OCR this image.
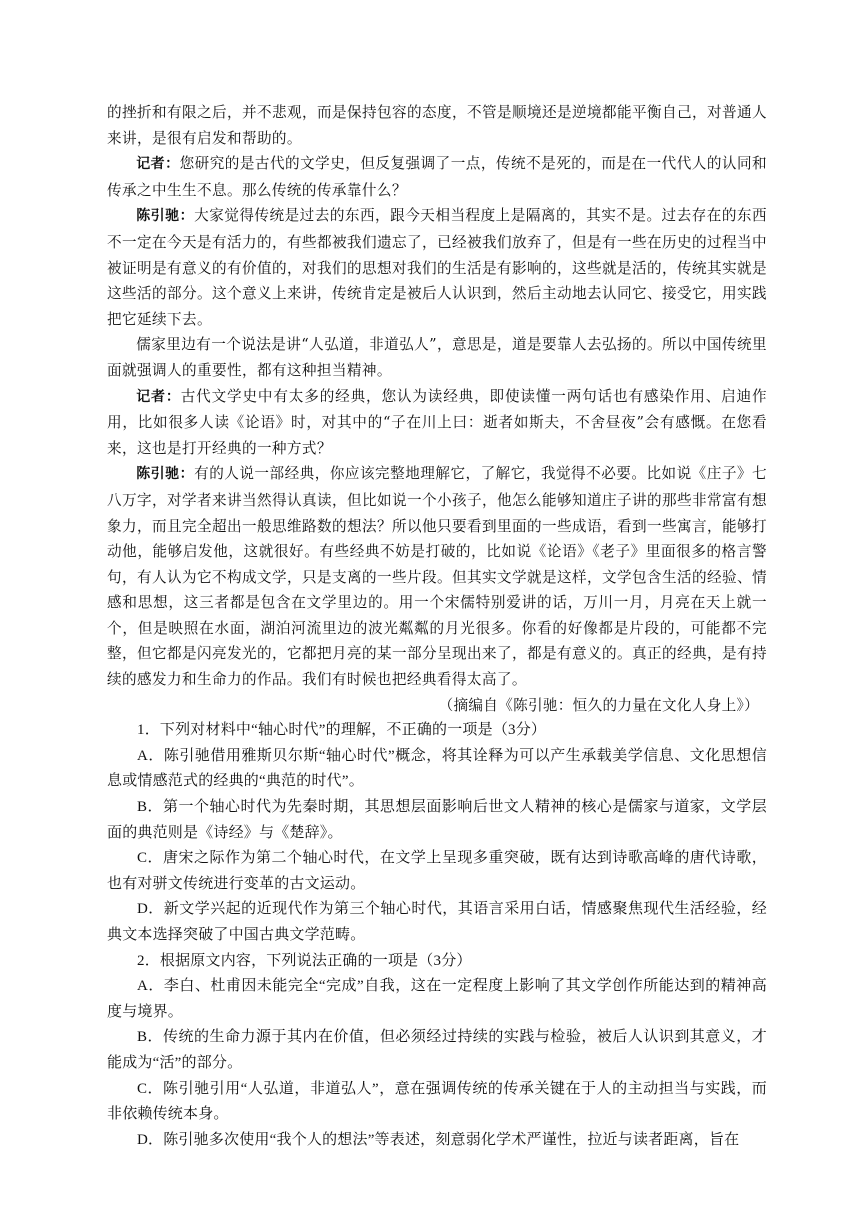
的挫折和有限之后，并不悲观，而是保持包容的态度，不管是顺境还是逆境都能平衡自己，对普通人来讲，是很有启发和帮助的。

记者：您研究的是古代的文学史，但反复强调了一点，传统不是死的，而是在一代代人的认同和传承之中生生不息。那么传统的传承靠什么？

陈引驰：大家觉得传统是过去的东西，跟今天相当程度上是隔离的，其实不是。过去存在的东西不一定在今天是有活力的，有些都被我们遗忘了，已经被我们放弃了，但是有一些在历史的过程当中被证明是有意义的有价值的，对我们的思想对我们的生活是有影响的，这些就是活的，传统其实就是这些活的部分。这个意义上来讲，传统肯定是被后人认识到，然后主动地去认同它、接受它，用实践把它延续下去。

儒家里边有一个说法是讲“人弘道，非道弘人”，意思是，道是要靠人去弘扬的。所以中国传统里面就强调人的重要性，都有这种担当精神。

记者：古代文学史中有太多的经典，您认为读经典，即使读懂一两句话也有感染作用、启迪作用，比如很多人读《论语》时，对其中的“子在川上曰：逝者如斯夫，不舍昼夜”会有感慨。在您看来，这也是打开经典的一种方式？

陈引驰：有的人说一部经典，你应该完整地理解它，了解它，我觉得不必要。比如说《庄子》七八万字，对学者来讲当然得认真读，但比如说一个小孩子，他怎么能够知道庄子讲的那些非常富有想象力，而且完全超出一般思维路数的想法？所以他只要看到里面的一些成语，看到一些寓言，能够打动他，能够启发他，这就很好。有些经典不妨是打破的，比如说《论语》《老子》里面很多的格言警句，有人认为它不构成文学，只是支离的一些片段。但其实文学就是这样，文学包含生活的经验、情感和思想，这三者都是包含在文学里边的。用一个宋儒特别爱讲的话，万川一月，月亮在天上就一个，但是映照在水面，湖泊河流里边的波光粼粼的月光很多。你看的好像都是片段的，可能都不完整，但它都是闪亮发光的，它都把月亮的某一部分呈现出来了，都是有意义的。真正的经典，是有持续的感发力和生命力的作品。我们有时候也把经典看得太高了。

（摘编自《陈引驰：恒久的力量在文化人身上》）

1．下列对材料中“轴心时代”的理解，不正确的一项是（3分）

A．陈引驰借用雅斯贝尔斯“轴心时代”概念，将其诠释为可以产生承载美学信息、文化思想信息或情感范式的经典的“典范的时代”。

B．第一个轴心时代为先秦时期，其思想层面影响后世文人精神的核心是儒家与道家，文学层面的典范则是《诗经》与《楚辞》。

C．唐宋之际作为第二个轴心时代，在文学上呈现多重突破，既有达到诗歌高峰的唐代诗歌，也有对骈文传统进行变革的古文运动。

D．新文学兴起的近现代作为第三个轴心时代，其语言采用白话，情感聚焦现代生活经验，经典文本选择突破了中国古典文学范畴。

2．根据原文内容，下列说法正确的一项是（3分）

A．李白、杜甫因未能完全“完成”自我，这在一定程度上影响了其文学创作所能达到的精神高度与境界。

B．传统的生命力源于其内在价值，但必须经过持续的实践与检验，被后人认识到其意义，才能成为“活”的部分。

C．陈引驰引用“人弘道，非道弘人”，意在强调传统的传承关键在于人的主动担当与实践，而非依赖传统本身。

D．陈引驰多次使用“我个人的想法”等表述，刻意弱化学术严谨性，拉近与读者距离，旨在
